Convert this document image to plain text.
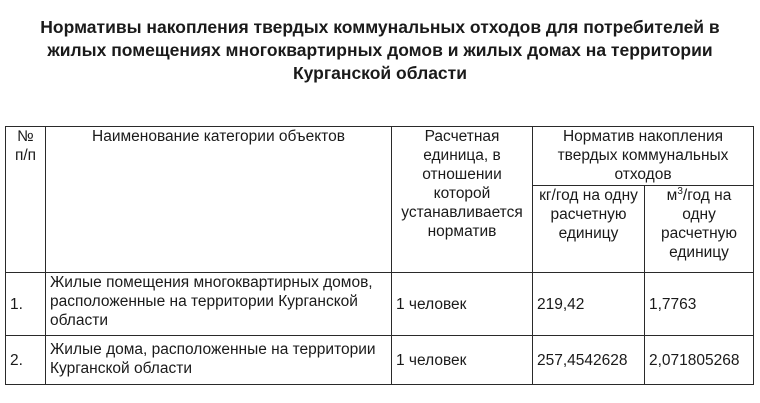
Нормативы накопления твердых коммунальных отходов для потребителей в жилых помещениях многоквартирных домов и жилых домах на территории Курганской области
№ п/п	Наименование категории объектов	Расчетная единица, в отношении которой устанавливается норматив	Норматив накопления твердых коммунальных отходов	
			кг/год на одну расчетную единицу	$м^3$/год на одну расчетную единицу
1.	Жилые помещения многоквартирных домов, расположенные на территории Курганской области	1 человек	219,42	1,7763
2.	Жилые дома, расположенные на территории Курганской области	1 человек	257,4542628	2,071805268
